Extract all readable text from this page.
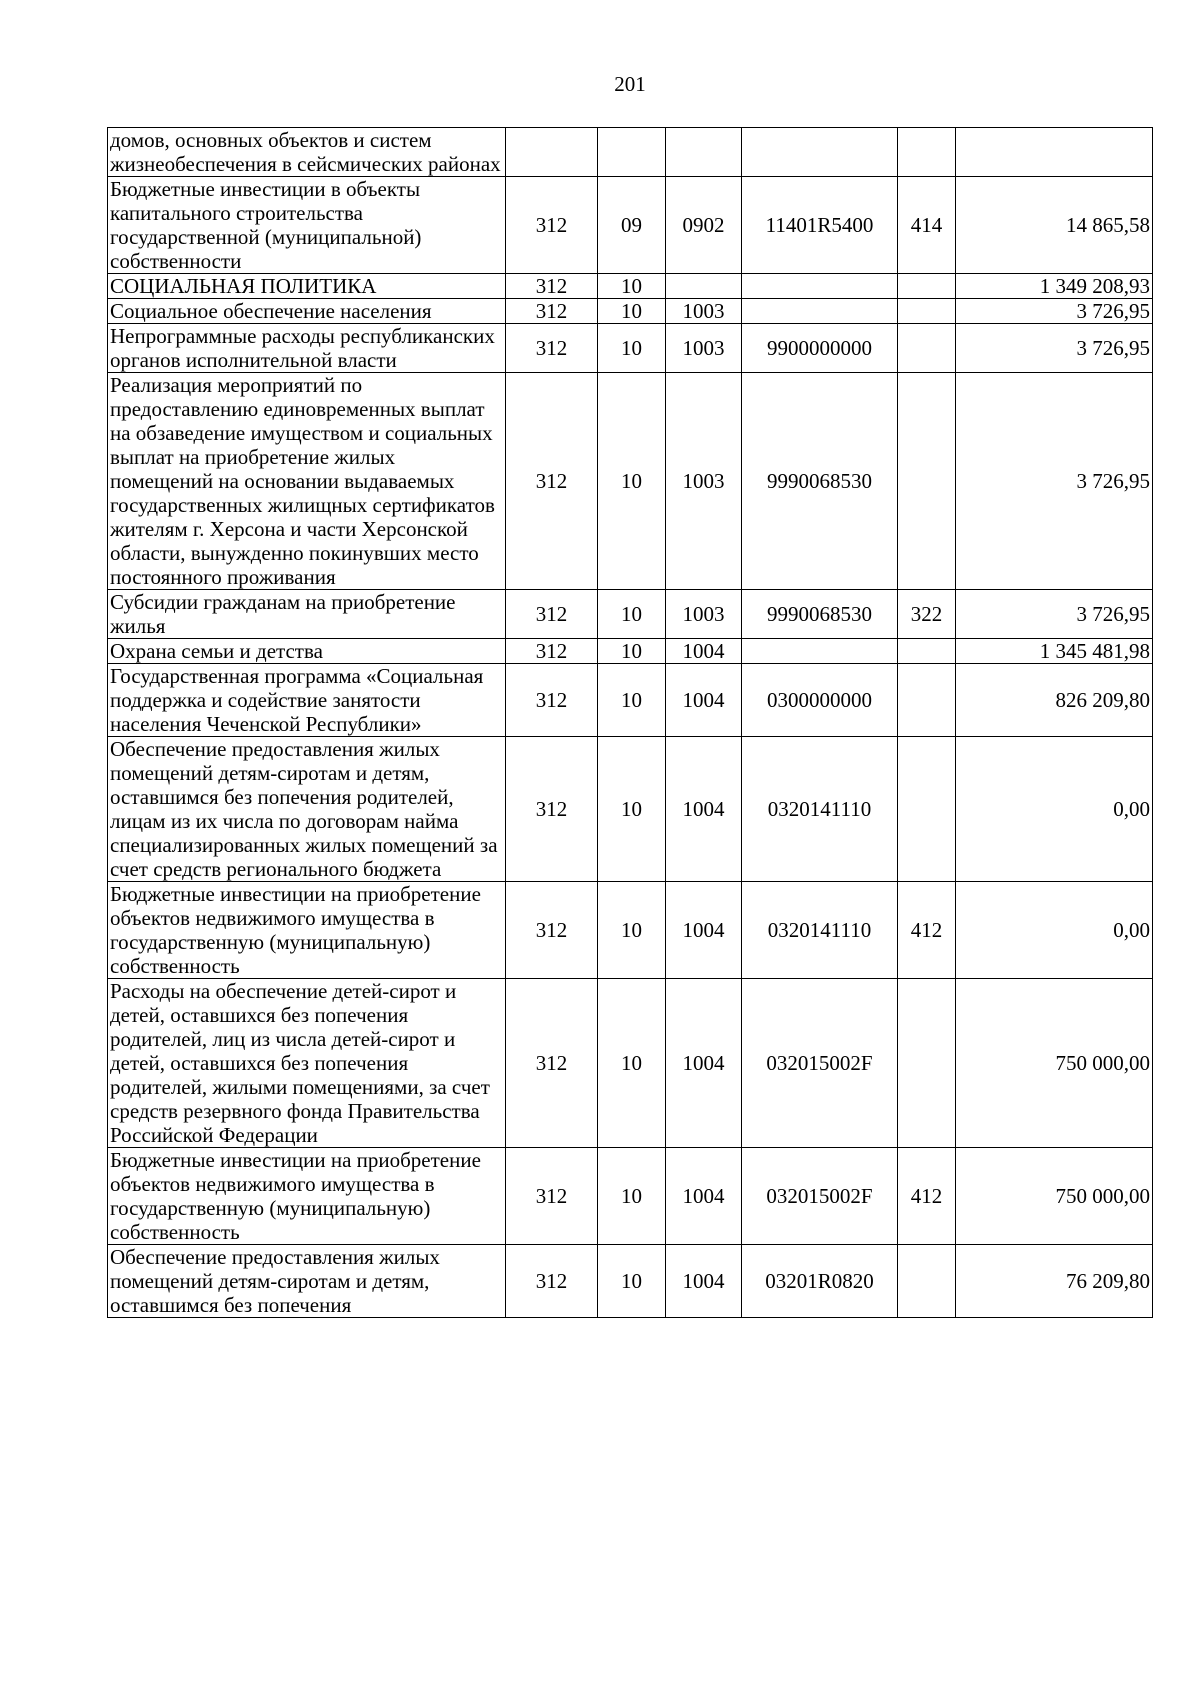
201
домов, основных объектов и систем жизнеобеспечения в сейсмических районах						
Бюджетные инвестиции в объекты капитального строительства государственной (муниципальной) собственности	312	09	0902	11401R5400	414	14 865,58
СОЦИАЛЬНАЯ ПОЛИТИКА	312	10				1 349 208,93
Социальное обеспечение населения	312	10	1003			3 726,95
Непрограммные расходы республиканских органов исполнительной власти	312	10	1003	9900000000		3 726,95
Реализация мероприятий по предоставлению единовременных выплат на обзаведение имуществом и социальных выплат на приобретение жилых помещений на основании выдаваемых государственных жилищных сертификатов жителям г. Херсона и части Херсонской области, вынужденно покинувших место постоянного проживания	312	10	1003	9990068530		3 726,95
Субсидии гражданам на приобретение жилья	312	10	1003	9990068530	322	3 726,95
Охрана семьи и детства	312	10	1004			1 345 481,98
Государственная программа «Социальная поддержка и содействие занятости населения Чеченской Республики»	312	10	1004	0300000000		826 209,80
Обеспечение предоставления жилых помещений детям-сиротам и детям, оставшимся без попечения родителей, лицам из их числа по договорам найма специализированных жилых помещений за счет средств регионального бюджета	312	10	1004	0320141110		0,00
Бюджетные инвестиции на приобретение объектов недвижимого имущества в государственную (муниципальную) собственность	312	10	1004	0320141110	412	0,00
Расходы на обеспечение детей-сирот и детей, оставшихся без попечения родителей, лиц из числа детей-сирот и детей, оставшихся без попечения родителей, жилыми помещениями, за счет средств резервного фонда Правительства Российской Федерации	312	10	1004	032015002F		750 000,00
Бюджетные инвестиции на приобретение объектов недвижимого имущества в государственную (муниципальную) собственность	312	10	1004	032015002F	412	750 000,00
Обеспечение предоставления жилых помещений детям-сиротам и детям, оставшимся без попечения	312	10	1004	03201R0820		76 209,80
